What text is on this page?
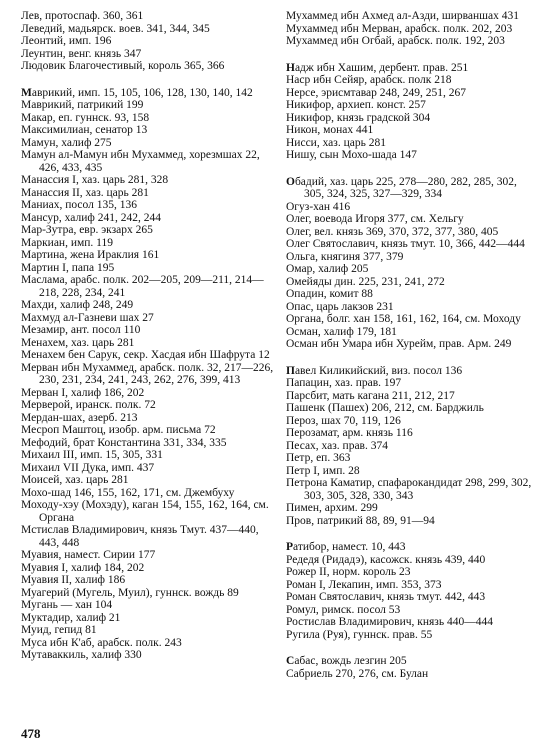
Лев, протоспаф. 360, 361
Леведий, мадьярск. воев. 341, 344, 345
Леонтий, имп. 196
Леунтин, венг. князь 347
Людовик Благочестивый, король 365, 366
Маврикий, имп. 15, 105, 106, 128, 130, 140, 142
Маврикий, патрикий 199
Макар, еп. гуннск. 93, 158
Максимилиан, сенатор 13
Мамун, халиф 275
Мамун ал-Мамун ибн Мухаммед, хорезмшах 22, 426, 433, 435
Манассия I, хаз. царь 281, 328
Манассия II, хаз. царь 281
Маниах, посол 135, 136
Мансур, халиф 241, 242, 244
Мар-Зутра, евр. экзарх 265
Маркиан, имп. 119
Мартина, жена Ираклия 161
Мартин I, папа 195
Маслама, арабс. полк. 202—205, 209—211, 214—218, 228, 234, 241
Махди, халиф 248, 249
Махмуд ал-Газневи шах 27
Мезамир, ант. посол 110
Менахем, хаз. царь 281
Менахем бен Сарук, секр. Хасдая ибн Шафрута 12
Мерван ибн Мухаммед, арабск. полк. 32, 217—226, 230, 231, 234, 241, 243, 262, 276, 399, 413
Мерван I, халиф 186, 202
Мерверой, иранск. полк. 72
Мердан-шах, азерб. 213
Месроп Маштоц, изобр. арм. письма 72
Мефодий, брат Константина 331, 334, 335
Михаил III, имп. 15, 305, 331
Михаил VII Дука, имп. 437
Моисей, хаз. царь 281
Мохо-шад 146, 155, 162, 171, см. Джембуху
Моходу-хэу (Мохэду), каган 154, 155, 162, 164, см. Органа
Мстислав Владимирович, князь Тмут. 437—440, 443, 448
Муавия, намест. Сирии 177
Муавия I, халиф 184, 202
Муавия II, халиф 186
Муагерий (Мугель, Муил), гуннск. вождь 89
Мугань — хан 104
Муктадир, халиф 21
Муид, гепид 81
Муса ибн К'аб, арабск. полк. 243
Мутаваккиль, халиф 330
Мухаммед ибн Ахмед ал-Азди, ширваншах 431
Мухаммед ибн Мерван, арабск. полк. 202, 203
Мухаммед ибн Огбай, арабск. полк. 192, 203
Надж ибн Хашим, дербент. прав. 251
Наср ибн Сейяр, арабск. полк 218
Нерсе, эрисмтавар 248, 249, 251, 267
Никифор, архиеп. конст. 257
Никифор, князь градской 304
Никон, монах 441
Нисси, хаз. царь 281
Нишу, сын Мохо-шада 147
Обадий, хаз. царь 225, 278—280, 282, 285, 302, 305, 324, 325, 327—329, 334
Огуз-хан 416
Олег, воевода Игоря 377, см. Хельгу
Олег, вел. князь 369, 370, 372, 377, 380, 405
Олег Святославич, князь тмут. 10, 366, 442—444
Ольга, княгиня 377, 379
Омар, халиф 205
Омейяды дин. 225, 231, 241, 272
Опадин, комит 88
Опас, царь лакзов 231
Органа, болг. хан 158, 161, 162, 164, см. Моходу
Осман, халиф 179, 181
Осман ибн Умара ибн Хурейм, прав. Арм. 249
Павел Киликийский, виз. посол 136
Папацин, хаз. прав. 197
Парсбит, мать кагана 211, 212, 217
Пашенк (Пашех) 206, 212, см. Барджиль
Пероз, шах 70, 119, 126
Перозамат, арм. князь 116
Песах, хаз. прав. 374
Петр, еп. 363
Петр I, имп. 28
Петрона Каматир, спафарокандидат 298, 299, 302, 303, 305, 328, 330, 343
Пимен, архим. 299
Пров, патрикий 88, 89, 91—94
Ратибор, намест. 10, 443
Редедя (Ридадэ), касожск. князь 439, 440
Рожер II, норм. король 23
Роман I, Лекапин, имп. 353, 373
Роман Святославич, князь тмут. 442, 443
Ромул, римск. посол 53
Ростислав Владимирович, князь 440—444
Ругила (Руя), гуннск. прав. 55
Сабас, вождь лезгин 205
Сабриель 270, 276, см. Булан
478
